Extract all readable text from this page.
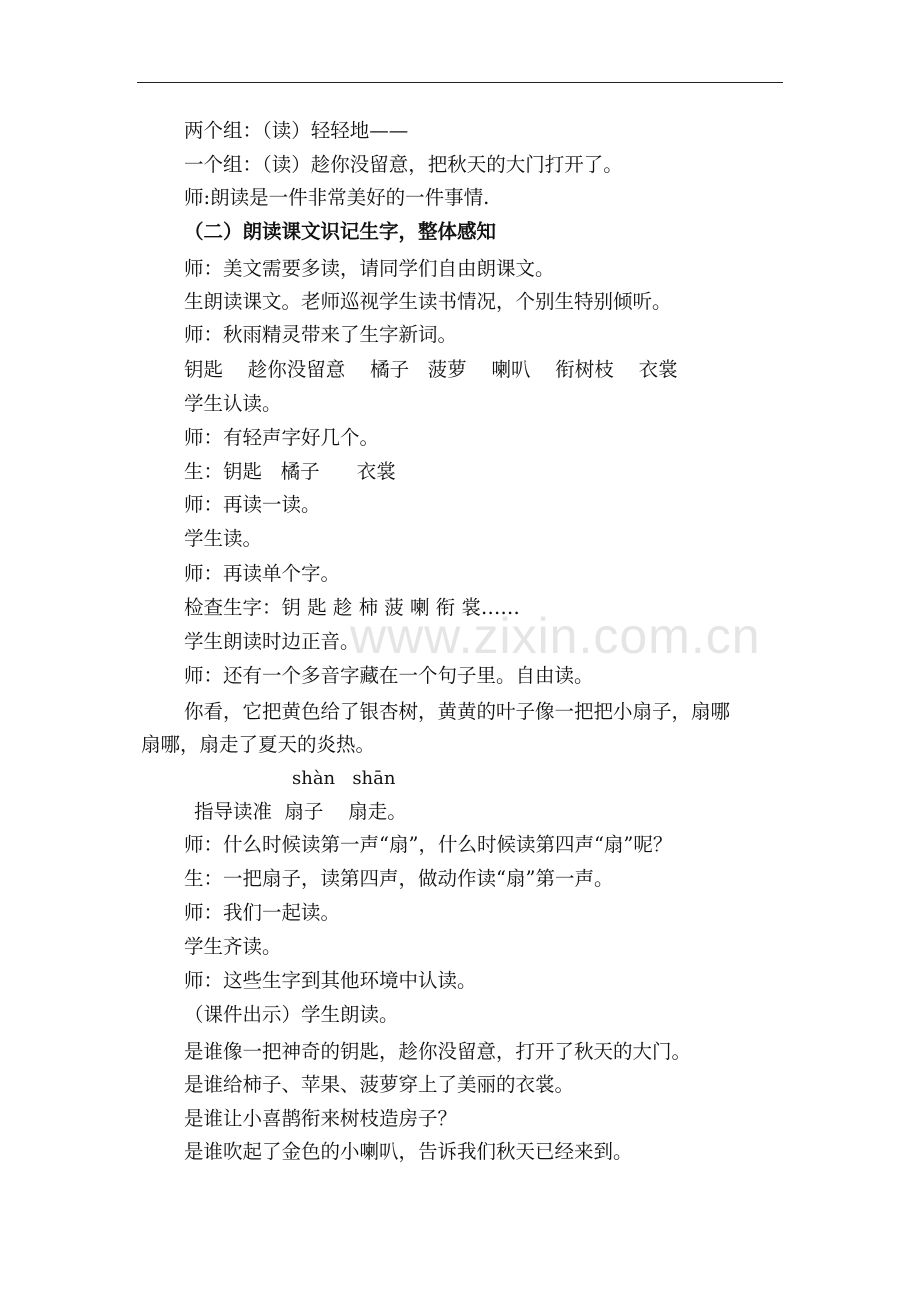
两个组：（读）轻轻地——
一个组：（读）趁你没留意，把秋天的大门打开了。
师:朗读是一件非常美好的一件事情.
（二）朗读课文识记生字，整体感知
师：美文需要多读，请同学们自由朗课文。
生朗读课文。老师巡视学生读书情况，个别生特别倾听。
师：秋雨精灵带来了生字新词。
钥匙    趁你没留意    橘子   菠萝    喇叭    衔树枝    衣裳
学生认读。
师：有轻声字好几个。
生：钥匙   橘子      衣裳
师：再读一读。
学生读。
师：再读单个字。
检查生字：钥 匙 趁 柿 菠 喇 衔 裳……
学生朗读时边正音。
师：还有一个多音字藏在一个句子里。自由读。
你看，它把黄色给了银杏树，黄黄的叶子像一把把小扇子，扇哪
扇哪，扇走了夏天的炎热。
shàn   shān
指导读准  扇子    扇走。
师：什么时候读第一声“扇”，什么时候读第四声“扇”呢？
生：一把扇子，读第四声，做动作读“扇”第一声。
师：我们一起读。
学生齐读。
师：这些生字到其他环境中认读。
（课件出示）学生朗读。
是谁像一把神奇的钥匙，趁你没留意，打开了秋天的大门。
是谁给柿子、苹果、菠萝穿上了美丽的衣裳。
是谁让小喜鹊衔来树枝造房子？
是谁吹起了金色的小喇叭，告诉我们秋天已经来到。
www.zixin.com.cn
